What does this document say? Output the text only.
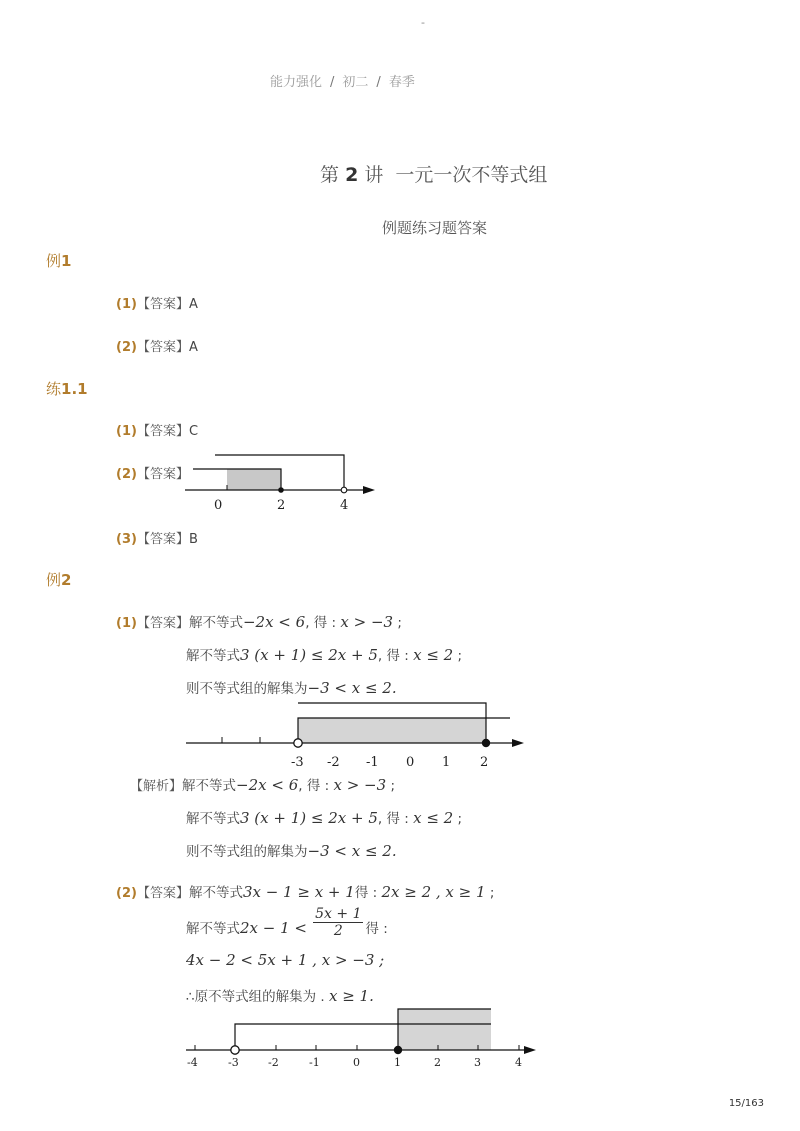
-
能力强化 / 初二 / 春季
第 2 讲 一元一次不等式组
例题练习题答案
例1
(1)【答案】A
(2)【答案】A
练1.1
(1)【答案】C
(2)【答案】
0	2	4
(3)【答案】B
例2
(1)【答案】解不等式−2x < 6, 得 : x > −3 ;
解不等式3 (x + 1) ≤ 2x + 5, 得 : x ≤ 2 ;
则不等式组的解集为−3 < x ≤ 2.
-3 -2 -1 0 1 2
【解析】解不等式−2x < 6, 得 : x > −3 ;
解不等式3 (x + 1) ≤ 2x + 5, 得 : x ≤ 2 ;
则不等式组的解集为−3 < x ≤ 2.
(2)【答案】解不等式3x − 1 ≥ x + 1得 : 2x ≥ 2 , x ≥ 1 ;
解不等式$2x - 1 < \frac{5x + 1}{2}$ 得 :
4x − 2 < 5x + 1 , x > −3 ;
∴原不等式组的解集为 . x ≥ 1.
-4	-3	-2	-1	0	1	2	3	4
15/163
